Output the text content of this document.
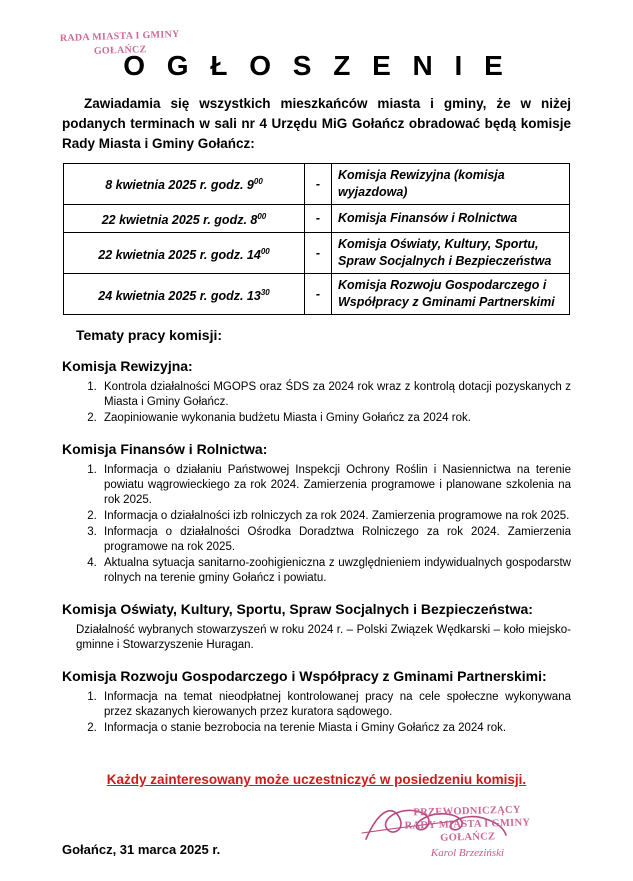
RADA MIASTA I GMINY GOŁAŃCZ
O G Ł O S Z E N I E

Zawiadamia się wszystkich mieszkańców miasta i gminy, że w niżej podanych terminach w sali nr 4 Urzędu MiG Gołańcz obradować będą komisje Rady Miasta i Gminy Gołańcz:

8 kwietnia 2025 r. godz. $9^{00}$	-	Komisja Rewizyjna (komisja wyjazdowa)
22 kwietnia 2025 r. godz. $8^{00}$	-	Komisja Finansów i Rolnictwa
22 kwietnia 2025 r. godz. $14^{00}$	-	Komisja Oświaty, Kultury, Sportu, Spraw Socjalnych i Bezpieczeństwa
24 kwietnia 2025 r. godz. $13^{30}$	-	Komisja Rozwoju Gospodarczego i Współpracy z Gminami Partnerskimi

Tematy pracy komisji:

Komisja Rewizyjna:
1. Kontrola działalności MGOPS oraz ŚDS za 2024 rok wraz z kontrolą dotacji pozyskanych z Miasta i Gminy Gołańcz.
2. Zaopiniowanie wykonania budżetu Miasta i Gminy Gołańcz za 2024 rok.
Komisja Finansów i Rolnictwa:
1. Informacja o działaniu Państwowej Inspekcji Ochrony Roślin i Nasiennictwa na terenie powiatu wągrowieckiego za rok 2024. Zamierzenia programowe i planowane szkolenia na rok 2025.
2. Informacja o działalności izb rolniczych za rok 2024. Zamierzenia programowe na rok 2025.
3. Informacja o działalności Ośrodka Doradztwa Rolniczego za rok 2024. Zamierzenia programowe na rok 2025.
4. Aktualna sytuacja sanitarno-zoohigieniczna z uwzględnieniem indywidualnych gospodarstw rolnych na terenie gminy Gołańcz i powiatu.
Komisja Oświaty, Kultury, Sportu, Spraw Socjalnych i Bezpieczeństwa:

Działalność wybranych stowarzyszeń w roku 2024 r. – Polski Związek Wędkarski – koło miejsko- gminne i Stowarzyszenie Huragan.

Komisja Rozwoju Gospodarczego i Współpracy z Gminami Partnerskimi:
1. Informacja na temat nieodpłatnej kontrolowanej pracy na cele społeczne wykonywana przez skazanych kierowanych przez kuratora sądowego.
2. Informacja o stanie bezrobocia na terenie Miasta i Gminy Gołańcz za 2024 rok.

Każdy zainteresowany może uczestniczyć w posiedzeniu komisji.

Gołańcz, 31 marca 2025 r.
PRZEWODNICZĄCY
RADY MIASTA I GMINY
GOŁAŃCZ
Karol Brzeziński
